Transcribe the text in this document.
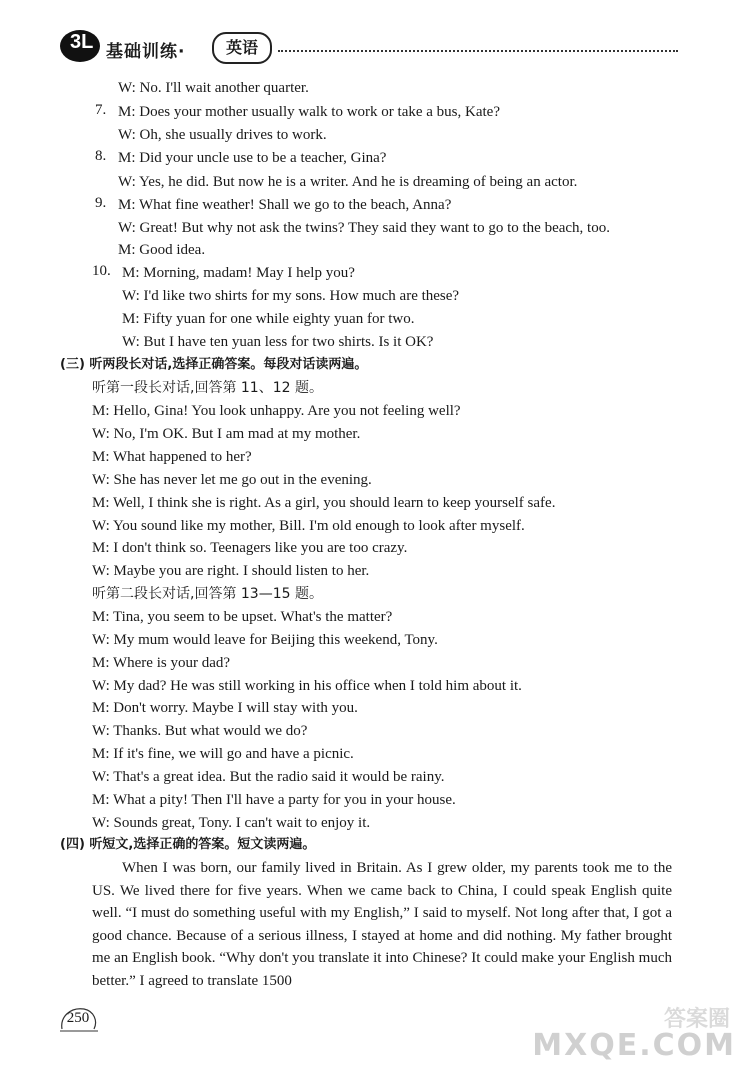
3L 基础训练·	英语
W: No. I'll wait another quarter.
7. M: Does your mother usually walk to work or take a bus, Kate?
W: Oh, she usually drives to work.
8. M: Did your uncle use to be a teacher, Gina?
W: Yes, he did. But now he is a writer. And he is dreaming of being an actor.
9. M: What fine weather! Shall we go to the beach, Anna?
W: Great! But why not ask the twins? They said they want to go to the beach, too.
M: Good idea.
10. M: Morning, madam! May I help you?
W: I'd like two shirts for my sons. How much are these?
M: Fifty yuan for one while eighty yuan for two.
W: But I have ten yuan less for two shirts. Is it OK?
(三) 听两段长对话,选择正确答案。每段对话读两遍。
听第一段长对话,回答第 11、12 题。
M: Hello, Gina! You look unhappy. Are you not feeling well?
W: No, I'm OK. But I am mad at my mother.
M: What happened to her?
W: She has never let me go out in the evening.
M: Well, I think she is right. As a girl, you should learn to keep yourself safe.
W: You sound like my mother, Bill. I'm old enough to look after myself.
M: I don't think so. Teenagers like you are too crazy.
W: Maybe you are right. I should listen to her.
听第二段长对话,回答第 13—15 题。
M: Tina, you seem to be upset. What's the matter?
W: My mum would leave for Beijing this weekend, Tony.
M: Where is your dad?
W: My dad? He was still working in his office when I told him about it.
M: Don't worry. Maybe I will stay with you.
W: Thanks. But what would we do?
M: If it's fine, we will go and have a picnic.
W: That's a great idea. But the radio said it would be rainy.
M: What a pity! Then I'll have a party for you in your house.
W: Sounds great, Tony. I can't wait to enjoy it.
(四) 听短文,选择正确的答案。短文读两遍。
When I was born, our family lived in Britain. As I grew older, my parents took me to the US. We lived there for five years. When we came back to China, I could speak English quite well. “I must do something useful with my English,” I said to myself. Not long after that, I got a good chance. Because of a serious illness, I stayed at home and did nothing. My father brought me an English book. “Why don't you translate it into Chinese? It could make your English much better.” I agreed to translate 1500
250	答案圈
MXQE.COM
